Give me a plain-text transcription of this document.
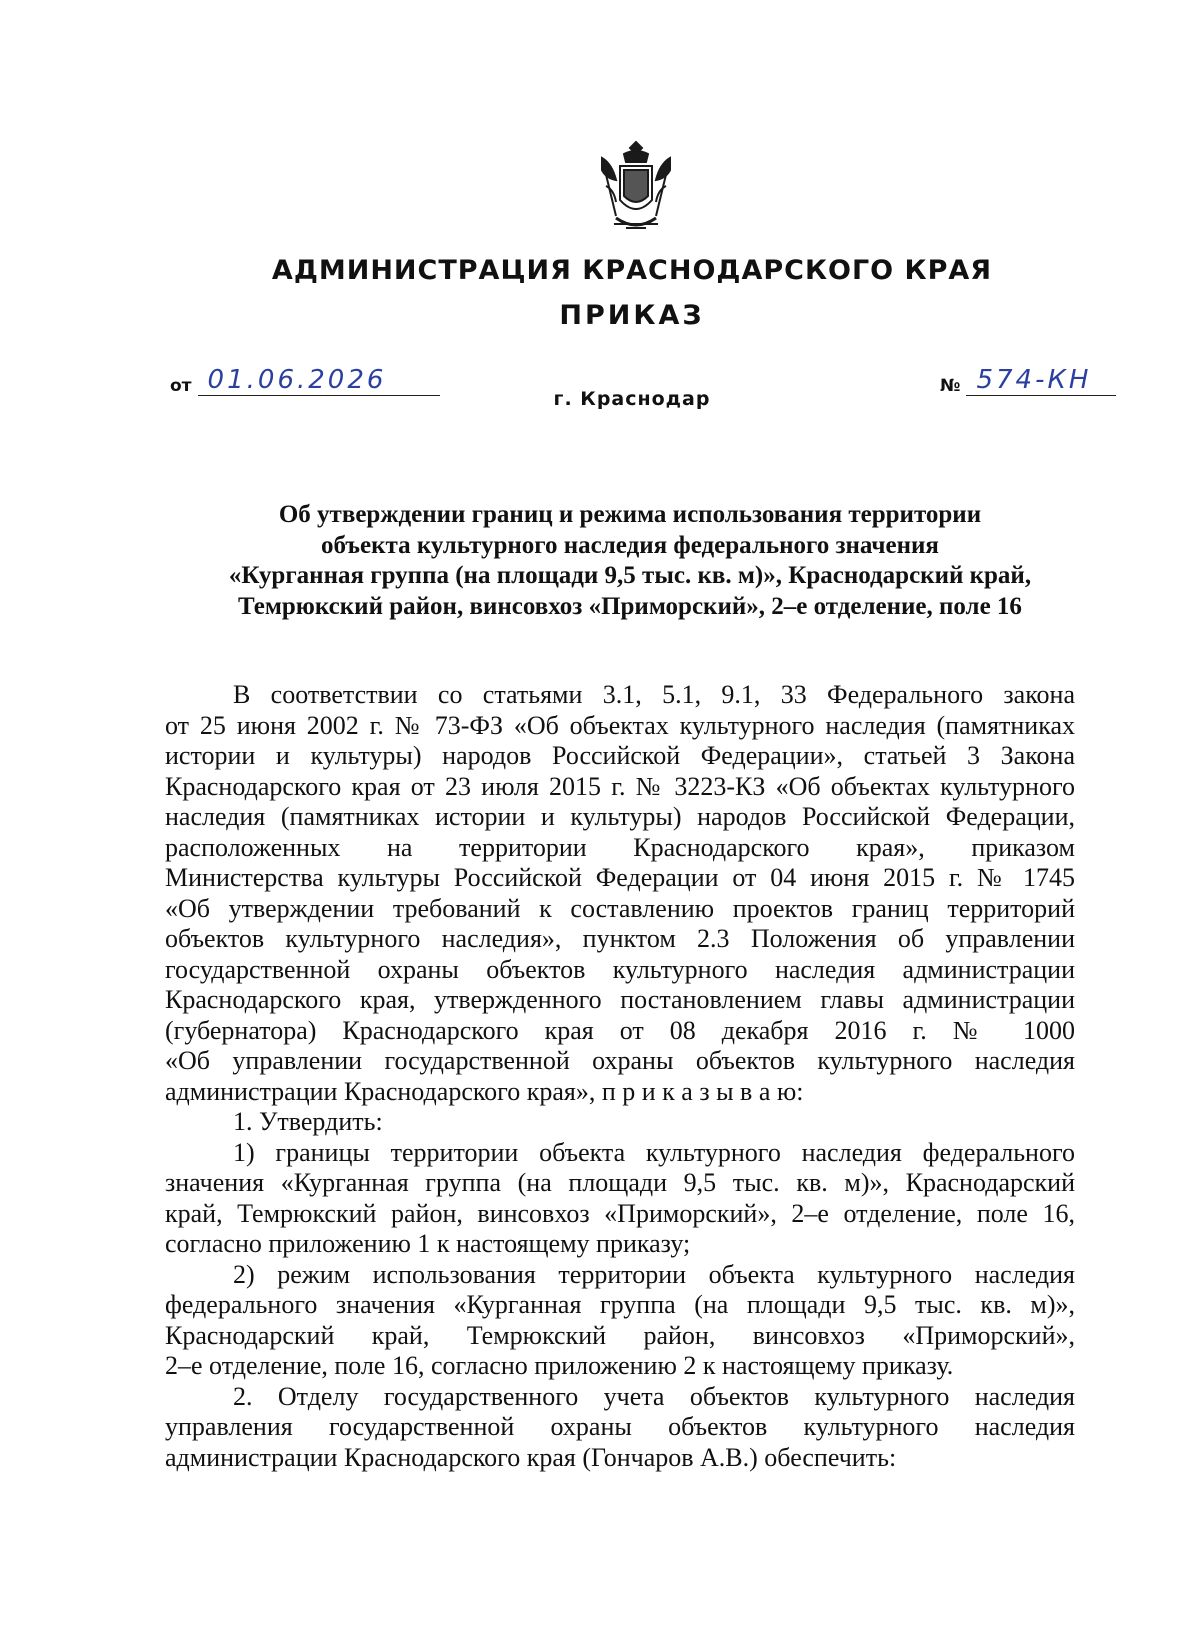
АДМИНИСТРАЦИЯ КРАСНОДАРСКОГО КРАЯ
ПРИКАЗ
от 01.06.2026	№ 574-КН
г. Краснодар
Об утверждении границ и режима использования территории
объекта культурного наследия федерального значения
«Курганная группа (на площади 9,5 тыс. кв. м)», Краснодарский край,
Темрюкский район, винсовхоз «Приморский», 2–е отделение, поле 16
В соответствии со статьями 3.1, 5.1, 9.1, 33 Федерального закона
от 25 июня 2002 г. № 73-ФЗ «Об объектах культурного наследия (памятниках
истории и культуры) народов Российской Федерации», статьей 3 Закона
Краснодарского края от 23 июля 2015 г. № 3223-КЗ «Об объектах культурного
наследия (памятниках истории и культуры) народов Российской Федерации,
расположенных на территории Краснодарского края», приказом
Министерства культуры Российской Федерации от 04 июня 2015 г. № 1745
«Об утверждении требований к составлению проектов границ территорий
объектов культурного наследия», пунктом 2.3 Положения об управлении
государственной охраны объектов культурного наследия администрации
Краснодарского края, утвержденного постановлением главы администрации
(губернатора) Краснодарского края от 08 декабря 2016 г. № 1000
«Об управлении государственной охраны объектов культурного наследия
администрации Краснодарского края», п р и к а з ы в а ю:
1. Утвердить:
1) границы территории объекта культурного наследия федерального
значения «Курганная группа (на площади 9,5 тыс. кв. м)», Краснодарский
край, Темрюкский район, винсовхоз «Приморский», 2–е отделение, поле 16,
согласно приложению 1 к настоящему приказу;
2) режим использования территории объекта культурного наследия
федерального значения «Курганная группа (на площади 9,5 тыс. кв. м)»,
Краснодарский край, Темрюкский район, винсовхоз «Приморский»,
2–е отделение, поле 16, согласно приложению 2 к настоящему приказу.
2. Отделу государственного учета объектов культурного наследия
управления государственной охраны объектов культурного наследия
администрации Краснодарского края (Гончаров А.В.) обеспечить:
